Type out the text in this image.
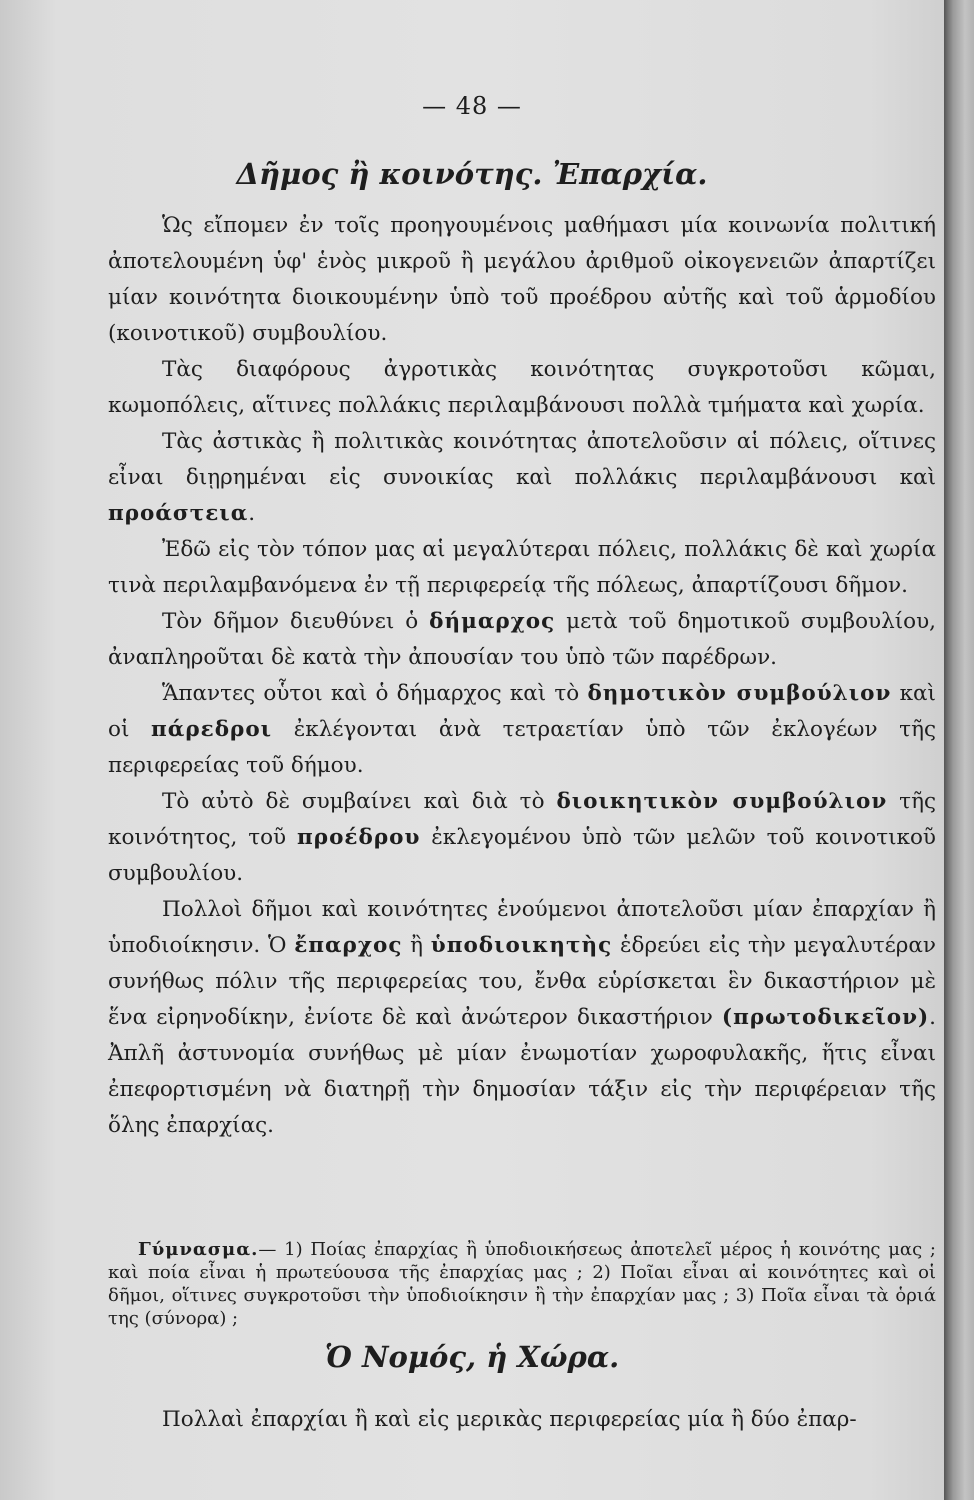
— 48 —
Δῆμος ἢ κοινότης. Ἐπαρχία.

Ὡς εἴπομεν ἐν τοῖς προηγουμένοις μαθήμασι μία κοινωνία πολιτική ἀποτελουμένη ὑφ' ἑνὸς μικροῦ ἢ μεγάλου ἀριθμοῦ οἰκογενειῶν ἀπαρτίζει μίαν κοινότητα διοικουμένην ὑπὸ τοῦ προέδρου αὐτῆς καὶ τοῦ ἁρμοδίου (κοινοτικοῦ) συμβουλίου.

Τὰς διαφόρους ἀγροτικὰς κοινότητας συγκροτοῦσι κῶμαι, κωμοπόλεις, αἵτινες πολλάκις περιλαμβάνουσι πολλὰ τμήματα καὶ χωρία.

Τὰς ἀστικὰς ἢ πολιτικὰς κοινότητας ἀποτελοῦσιν αἱ πόλεις, οἵτινες εἶναι διῃρημέναι εἰς συνοικίας καὶ πολλάκις περιλαμβάνουσι καὶ προάστεια.

Ἐδῶ εἰς τὸν τόπον μας αἱ μεγαλύτεραι πόλεις, πολλάκις δὲ καὶ χωρία τινὰ περιλαμβανόμενα ἐν τῇ περιφερείᾳ τῆς πόλεως, ἀπαρτίζουσι δῆμον.

Τὸν δῆμον διευθύνει ὁ δήμαρχος μετὰ τοῦ δημοτικοῦ συμβουλίου, ἀναπληροῦται δὲ κατὰ τὴν ἀπουσίαν του ὑπὸ τῶν παρέδρων.

Ἅπαντες οὗτοι καὶ ὁ δήμαρχος καὶ τὸ δημοτικὸν συμβούλιον καὶ οἱ πάρεδροι ἐκλέγονται ἀνὰ τετραετίαν ὑπὸ τῶν ἐκλογέων τῆς περιφερείας τοῦ δήμου.

Τὸ αὐτὸ δὲ συμβαίνει καὶ διὰ τὸ διοικητικὸν συμβούλιον τῆς κοινότητος, τοῦ προέδρου ἐκλεγομένου ὑπὸ τῶν μελῶν τοῦ κοινοτικοῦ συμβουλίου.

Πολλοὶ δῆμοι καὶ κοινότητες ἑνούμενοι ἀποτελοῦσι μίαν ἐπαρχίαν ἢ ὑποδιοίκησιν. Ὁ ἔπαρχος ἢ ὑποδιοικητὴς ἑδρεύει εἰς τὴν μεγαλυτέραν συνήθως πόλιν τῆς περιφερείας του, ἔνθα εὑρίσκεται ἓν δικαστήριον μὲ ἕνα εἰρηνοδίκην, ἐνίοτε δὲ καὶ ἀνώτερον δικαστήριον (πρωτοδικεῖον). Ἀπλῆ ἀστυνομία συνήθως μὲ μίαν ἐνωμοτίαν χωροφυλακῆς, ἥτις εἶναι ἐπεφορτισμένη νὰ διατηρῇ τὴν δημοσίαν τάξιν εἰς τὴν περιφέρειαν τῆς ὅλης ἐπαρχίας.

Γύμνασμα.— 1) Ποίας ἐπαρχίας ἢ ὑποδιοικήσεως ἀποτελεῖ μέρος ἡ κοινότης μας ; καὶ ποία εἶναι ἡ πρωτεύουσα τῆς ἐπαρχίας μας ; 2) Ποῖαι εἶναι αἱ κοινότητες καὶ οἱ δῆμοι, οἵτινες συγκροτοῦσι τὴν ὑποδιοίκησιν ἢ τὴν ἐπαρχίαν μας ; 3) Ποῖα εἶναι τὰ ὁριά της (σύνορα) ;

Ὁ Νομός, ἡ Χώρα.

Πολλαὶ ἐπαρχίαι ἢ καὶ εἰς μερικὰς περιφερείας μία ἢ δύο ἐπαρ-
